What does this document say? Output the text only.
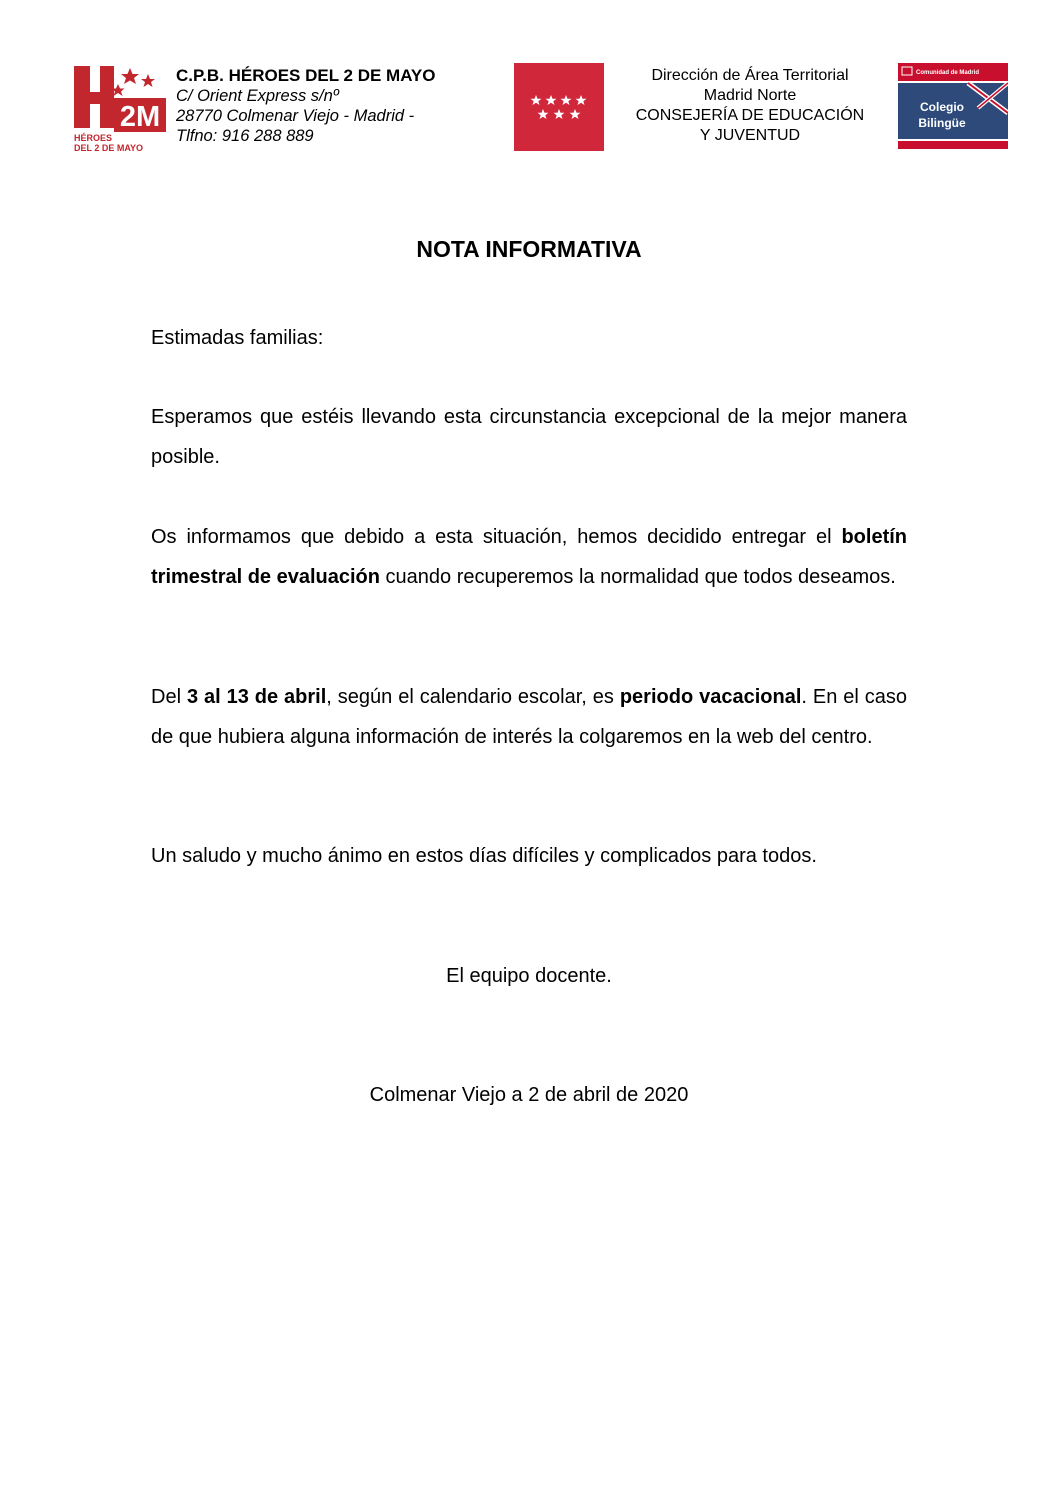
2M
HÉROES
DEL 2 DE MAYO
C.P.B. HÉROES DEL 2 DE MAYO
C/ Orient Express s/nº
28770 Colmenar Viejo - Madrid -
Tlfno: 916 288 889
Dirección de Área Territorial
Madrid Norte
CONSEJERÍA DE EDUCACIÓN
Y JUVENTUD
Comunidad de Madrid
Colegio
Bilingüe
NOTA INFORMATIVA
Estimadas familias:
Esperamos que estéis llevando esta circunstancia excepcional de la mejor manera posible.
Os informamos que debido a esta situación, hemos decidido entregar el boletín trimestral de evaluación cuando recuperemos la normalidad que todos deseamos.
Del 3 al 13 de abril, según el calendario escolar, es periodo vacacional. En el caso de que hubiera alguna información de interés la colgaremos en la web del centro.
Un saludo y mucho ánimo en estos días difíciles y complicados para todos.
El equipo docente.
Colmenar Viejo a 2 de abril de 2020
